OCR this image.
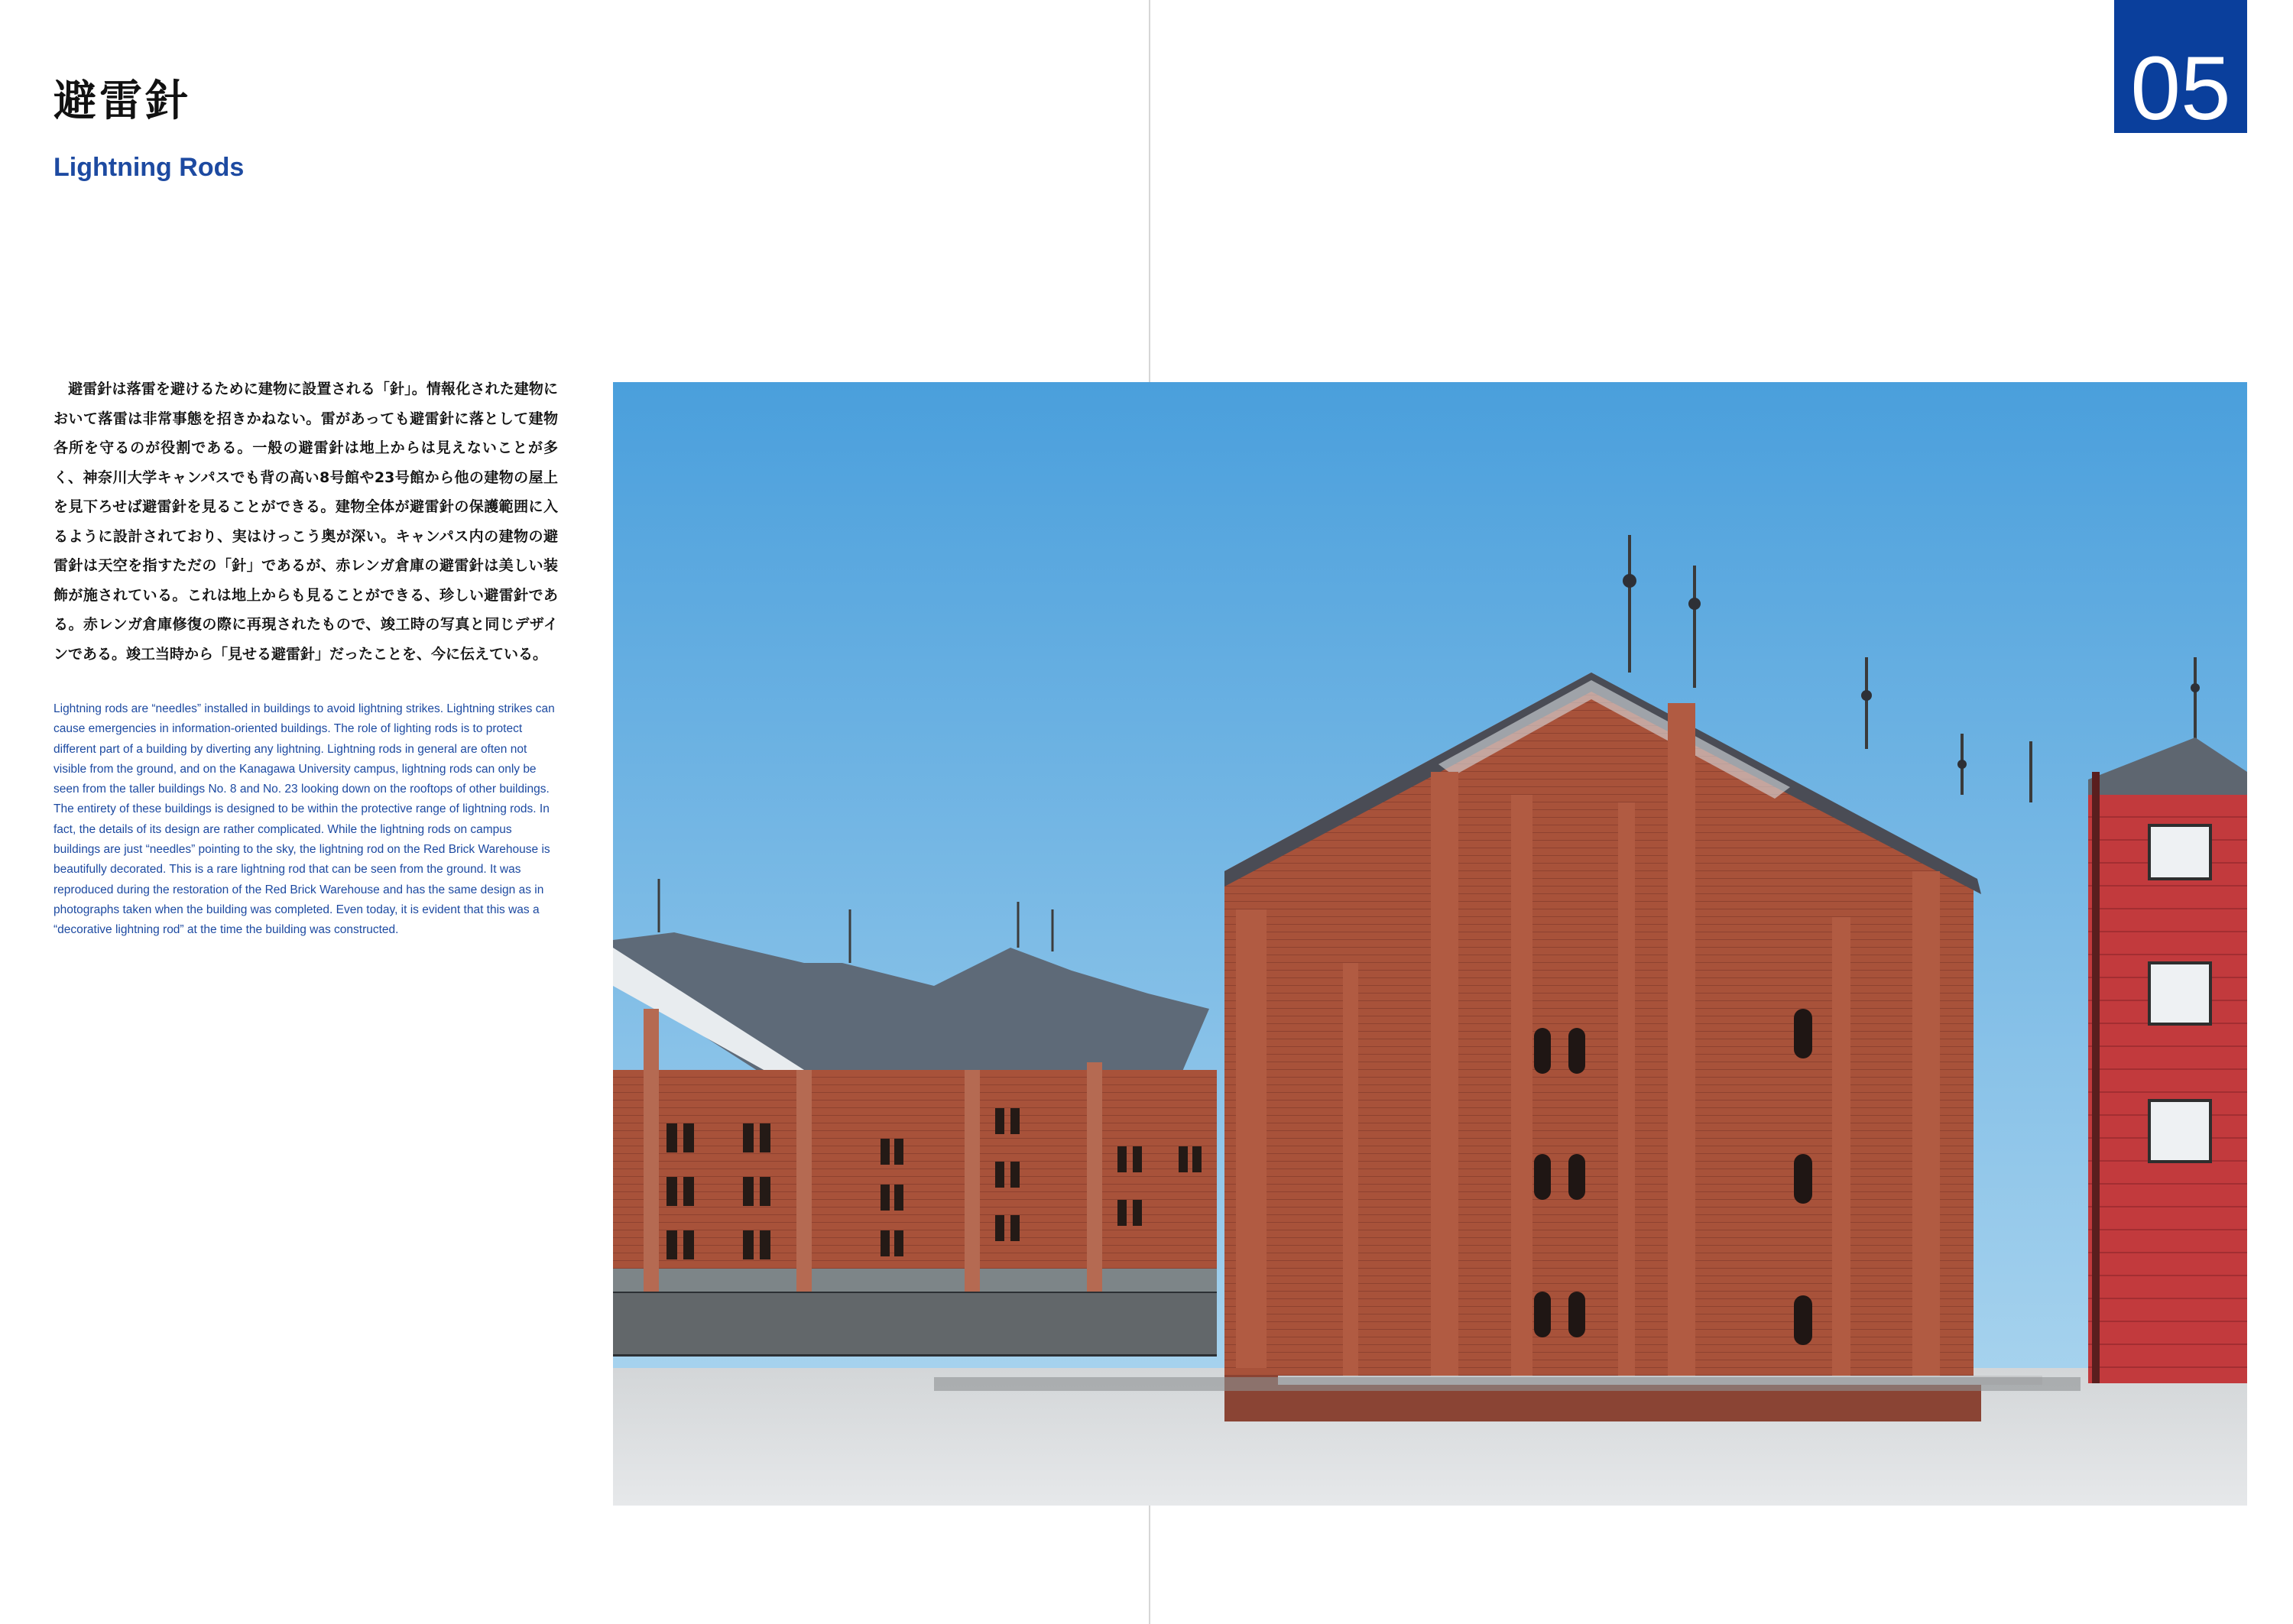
避雷針
Lightning Rods
05
　避雷針は落雷を避けるために建物に設置される「針」。情報化された建物において落雷は非常事態を招きかねない。雷があっても避雷針に落として建物各所を守るのが役割である。一般の避雷針は地上からは見えないことが多く、神奈川大学キャンパスでも背の高い8号館や23号館から他の建物の屋上を見下ろせば避雷針を見ることができる。建物全体が避雷針の保護範囲に入るように設計されており、実はけっこう奥が深い。キャンパス内の建物の避雷針は天空を指すただの「針」であるが、赤レンガ倉庫の避雷針は美しい装飾が施されている。これは地上からも見ることができる、珍しい避雷針である。赤レンガ倉庫修復の際に再現されたもので、竣工時の写真と同じデザインである。竣工当時から「見せる避雷針」だったことを、今に伝えている。
Lightning rods are “needles” installed in buildings to avoid lightning strikes. Lightning strikes can cause emergencies in information-oriented buildings. The role of lighting rods is to protect different part of a building by diverting any lightning. Lightning rods in general are often not visible from the ground, and on the Kanagawa University campus, lightning rods can only be seen from the taller buildings No. 8 and No. 23 looking down on the rooftops of other buildings. The entirety of these buildings is designed to be within the protective range of lightning rods. In fact, the details of its design are rather complicated. While the lightning rods on campus buildings are just “needles” pointing to the sky, the lightning rod on the Red Brick Warehouse is beautifully decorated. This is a rare lightning rod that can be seen from the ground. It was reproduced during the restoration of the Red Brick Warehouse and has the same design as in photographs taken when the building was completed. Even today, it is evident that this was a “decorative lightning rod” at the time the building was constructed.
